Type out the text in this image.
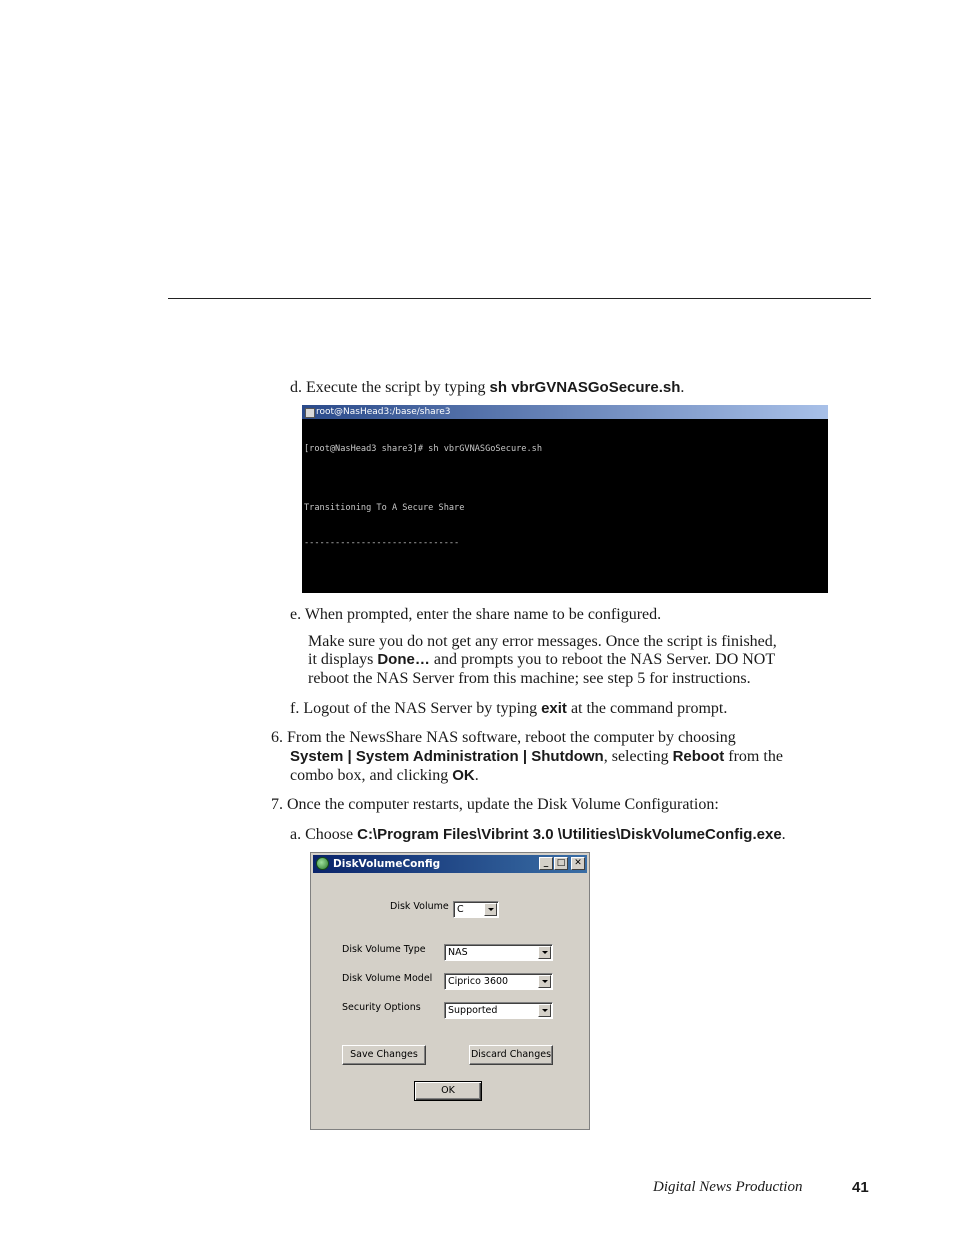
d. Execute the script by typing sh vbrGVNASGoSecure.sh.
root@NasHead3:/base/share3

[root@NasHead3 share3]# sh vbrGVNASGoSecure.sh

Transitioning To A Secure Share

------------------------------

e. When prompted, enter the share name to be configured.
Make sure you do not get any error messages. Once the script is finished,
it displays Done… and prompts you to reboot the NAS Server. DO NOT
reboot the NAS Server from this machine; see step 5 for instructions.
f. Logout of the NAS Server by typing exit at the command prompt.
6. From the NewsShare NAS software, reboot the computer by choosing
System | System Administration | Shutdown, selecting Reboot from the
combo box, and clicking OK.
7. Once the computer restarts, update the Disk Volume Configuration:
a. Choose C:\Program Files\Vibrint 3.0 \Utilities\DiskVolumeConfig.exe.
DiskVolumeConfig	_ □ ✕
Disk Volume C
Disk Volume Type NAS
Disk Volume Model Ciprico 3600
Security Options	Supported
Save Changes	Discard Changes
OK
Digital News Production	41
